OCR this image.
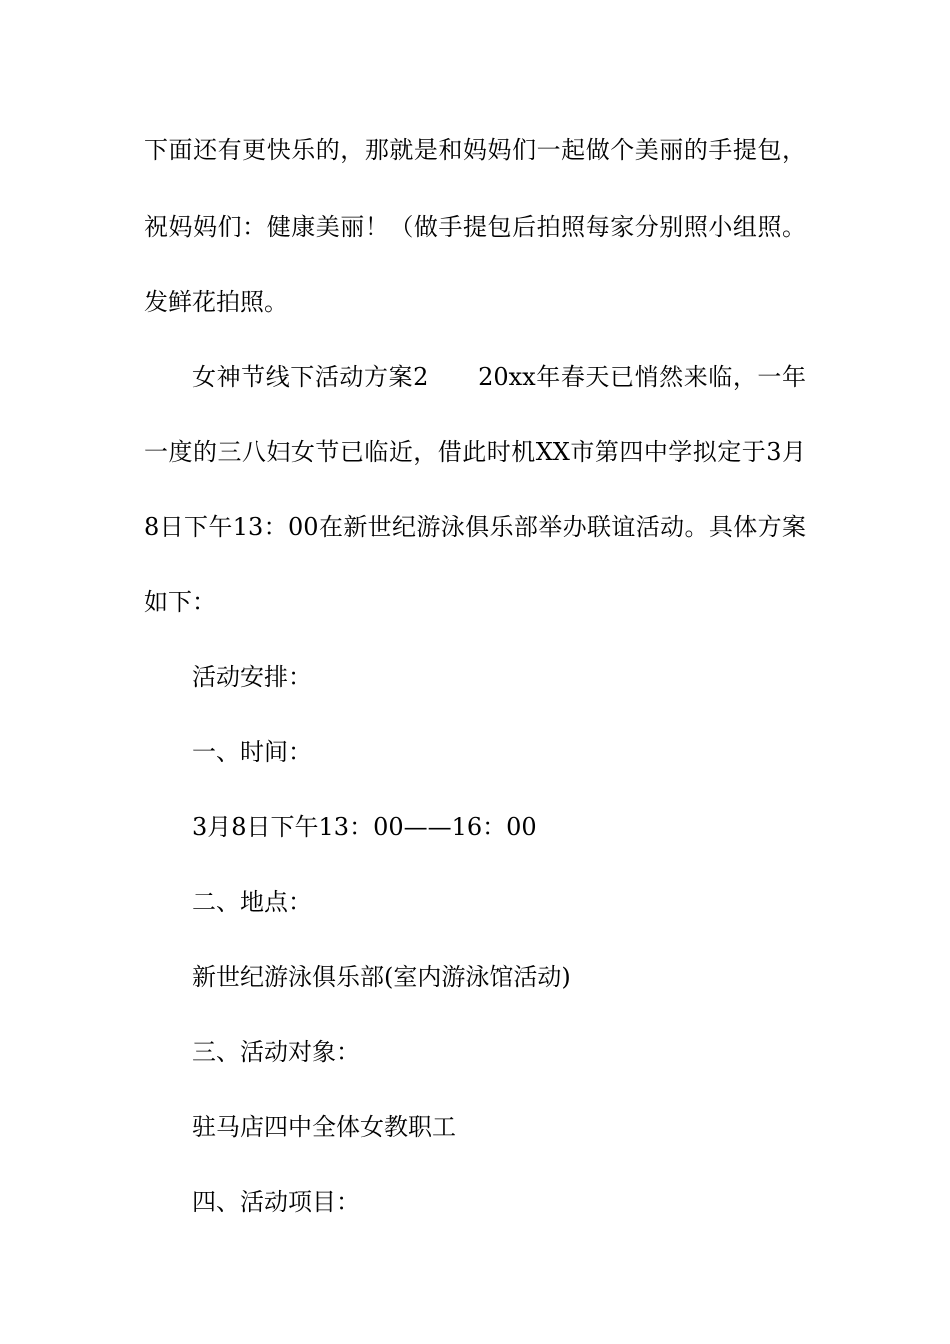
下面还有更快乐的，那就是和妈妈们一起做个美丽的手提包，
祝妈妈们：健康美丽！（做手提包后拍照每家分别照小组照。
发鲜花拍照。
女神节线下活动方案2　　20xx年春天已悄然来临，一年
一度的三八妇女节已临近，借此时机XX市第四中学拟定于3月
8日下午13：00在新世纪游泳俱乐部举办联谊活动。具体方案
如下：
活动安排：
一、时间：
3月8日下午13：00——16：00
二、地点：
新世纪游泳俱乐部(室内游泳馆活动)
三、活动对象：
驻马店四中全体女教职工
四、活动项目：
